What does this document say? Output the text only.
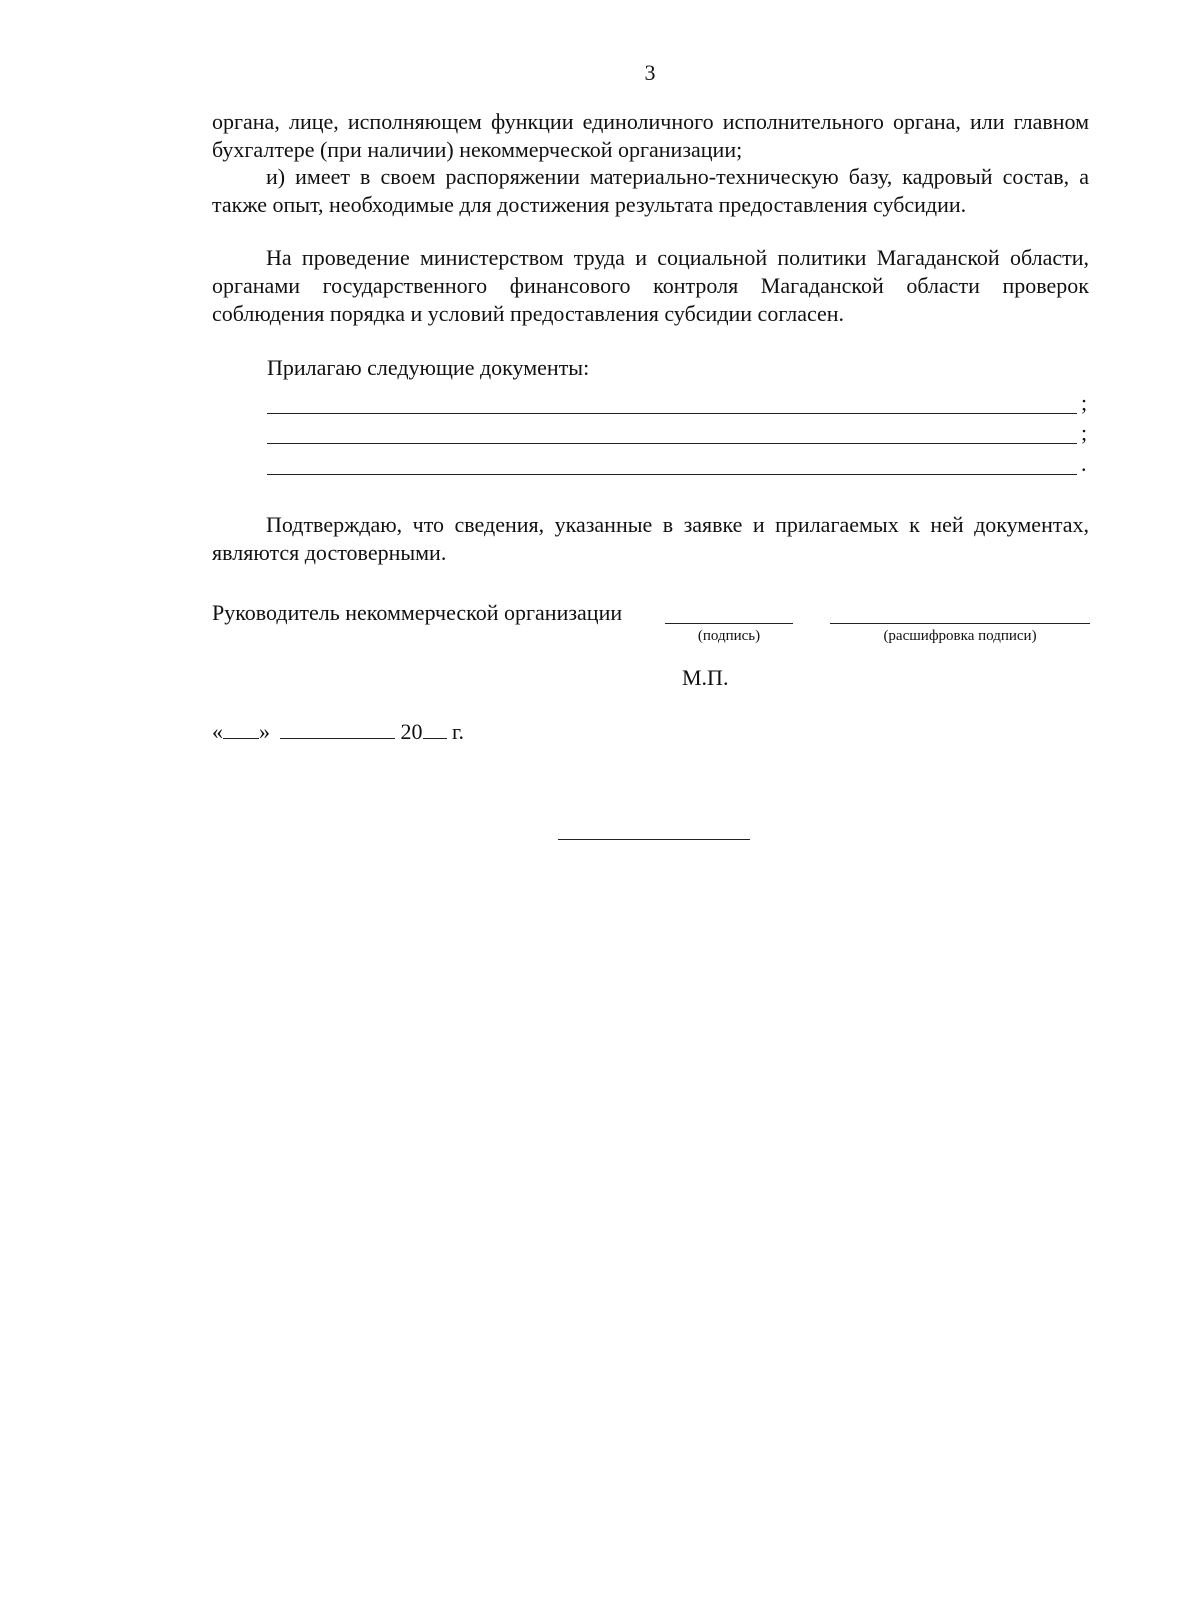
3
органа, лице, исполняющем функции единоличного исполнительного органа, или главном бухгалтере (при наличии) некоммерческой организации;
и) имеет в своем распоряжении материально-техническую базу, кадровый состав, а также опыт, необходимые для достижения результата предоставления субсидии.
На проведение министерством труда и социальной политики Магаданской области, органами государственного финансового контроля Магаданской области проверок соблюдения порядка и условий предоставления субсидии согласен.
Прилагаю следующие документы:
;
;
.
Подтверждаю, что сведения, указанные в заявке и прилагаемых к ней документах, являются достоверными.
Руководитель некоммерческой организации
(подпись)	(расшифровка подписи)
М.П.
« »	20 г.
